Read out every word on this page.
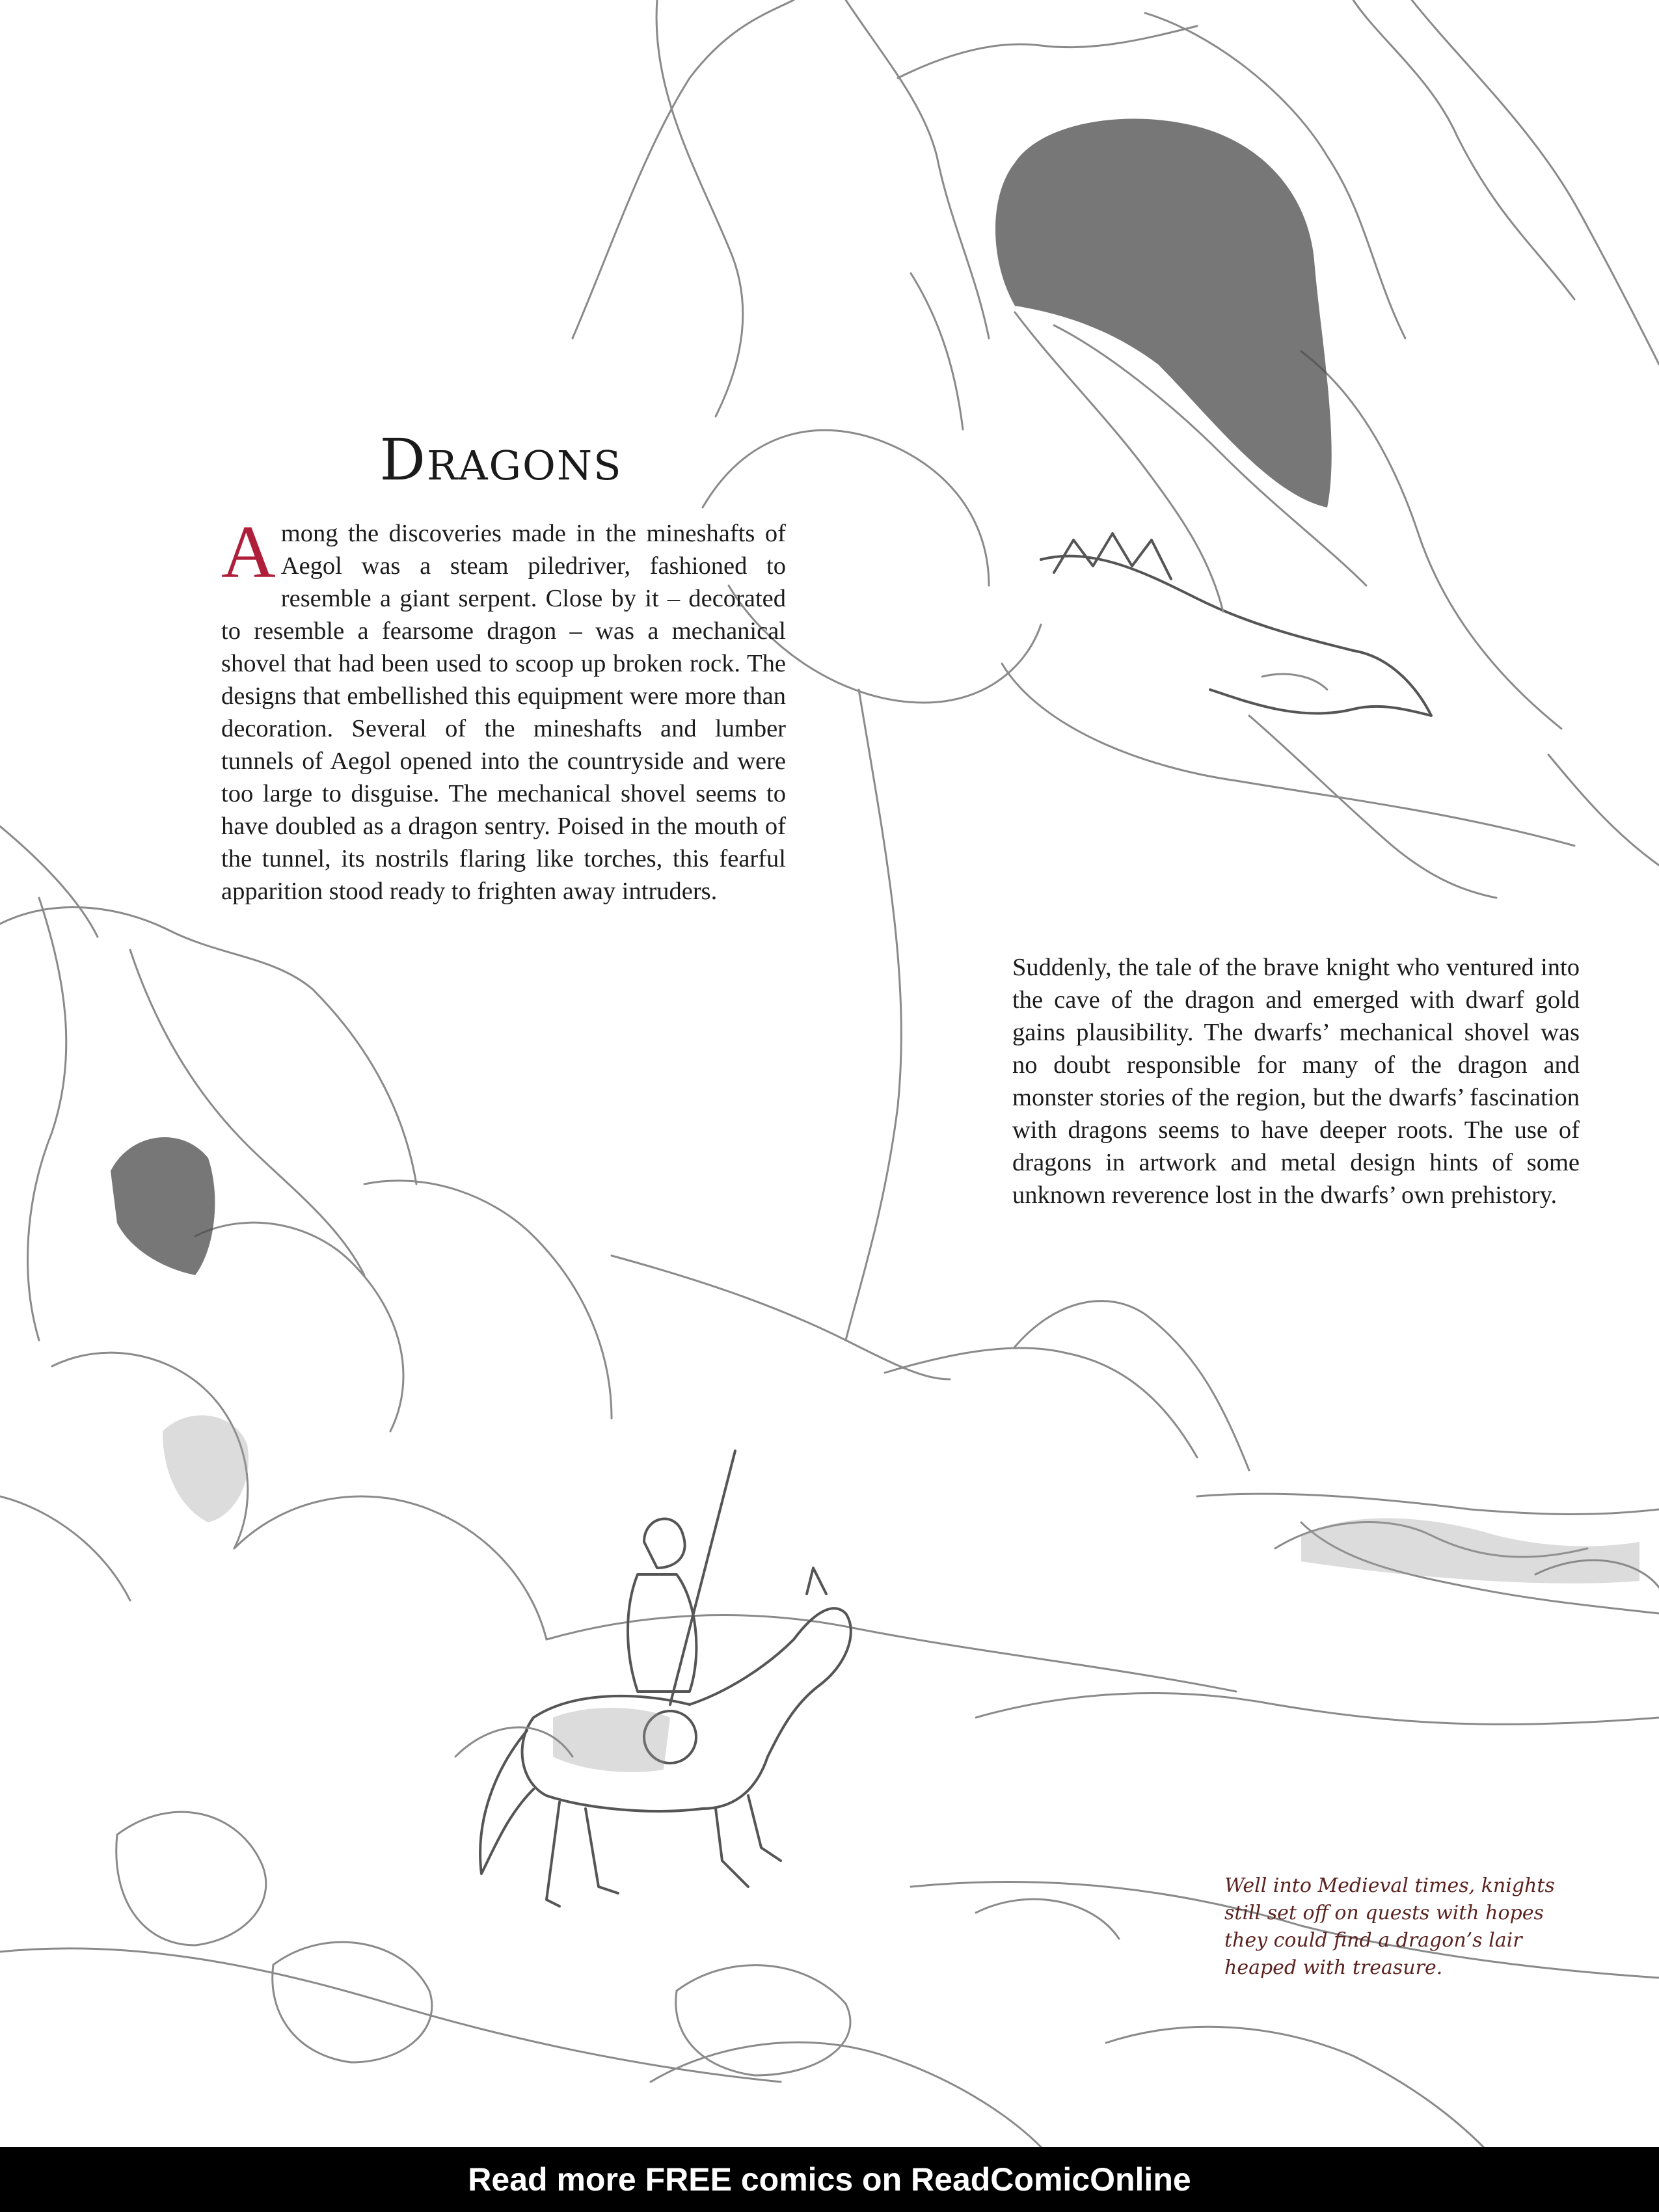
Dragons

Among the discoveries made in the mineshafts of Aegol was a steam piledriver, fashioned to resemble a giant serpent. Close by it – decorated to resemble a fearsome dragon – was a mechanical shovel that had been used to scoop up broken rock. The designs that embellished this equipment were more than decoration. Several of the mineshafts and lumber tunnels of Aegol opened into the countryside and were too large to disguise. The mechanical shovel seems to have doubled as a dragon sentry. Poised in the mouth of the tunnel, its nostrils flaring like torches, this fearful apparition stood ready to frighten away intruders.

Suddenly, the tale of the brave knight who ventured into the cave of the dragon and emerged with dwarf gold gains plausibility. The dwarfs’ mechanical shovel was no doubt responsible for many of the dragon and monster stories of the region, but the dwarfs’ fascination with dragons seems to have deeper roots. The use of dragons in artwork and metal design hints of some unknown reverence lost in the dwarfs’ own prehistory.

Well into Medieval times, knights
still set off on quests with hopes
they could find a dragon’s lair
heaped with treasure.
Read more FREE comics on ReadComicOnline
